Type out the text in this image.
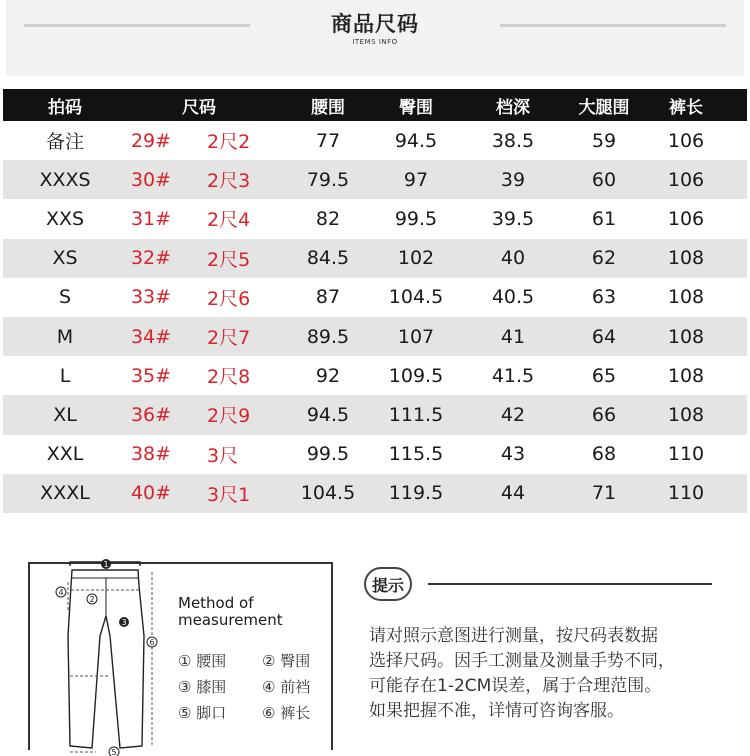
商品尺码
ITEMS INFO
拍码	尺码	腰围	臀围	档深	大腿围	裤长
备注	29#	2尺2	77	94.5	38.5	59	106
XXXS	30#	2尺3	79.5	97	39	60	106
XXS	31#	2尺4	82	99.5	39.5	61	106
XS	32#	2尺5	84.5	102	40	62	108
S	33#	2尺6	87	104.5	40.5	63	108
M	34#	2尺7	89.5	107	41	64	108
L	35#	2尺8	92	109.5	41.5	65	108
XL	36#	2尺9	94.5	111.5	42	66	108
XXL	38#	3尺	99.5	115.5	43	68	110
XXXL	40#	3尺1	104.5	119.5	44	71	110
1
2
3
4
5
6
Method of
measurement
① 腰围 ② 臀围 ③ 膝围 ④ 前裆 ⑤ 脚口 ⑥ 裤长
提示
请对照示意图进行测量，按尺码表数据
选择尺码。因手工测量及测量手势不同，
可能存在1-2CM误差，属于合理范围。
如果把握不准，详情可咨询客服。
